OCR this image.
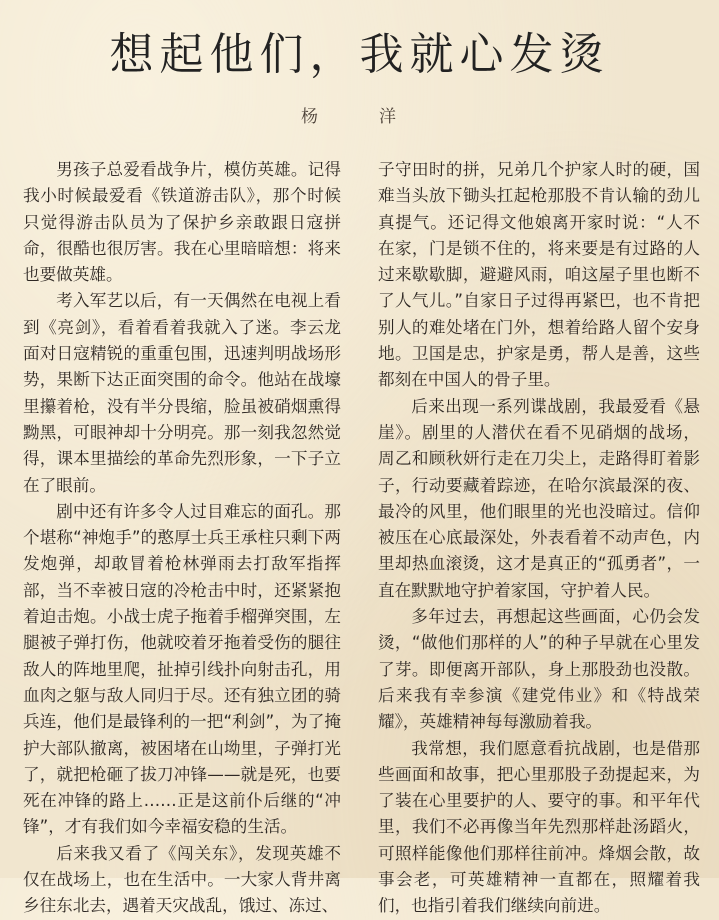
想起他们，我就心发烫
杨　洋

男孩子总爱看战争片，模仿英雄。记得我小时候最爱看《铁道游击队》，那个时候只觉得游击队员为了保护乡亲敢跟日寇拼命，很酷也很厉害。我在心里暗暗想：将来也要做英雄。

考入军艺以后，有一天偶然在电视上看到《亮剑》，看着看着我就入了迷。李云龙面对日寇精锐的重重包围，迅速判明战场形势，果断下达正面突围的命令。他站在战壕里攥着枪，没有半分畏缩，脸虽被硝烟熏得黝黑，可眼神却十分明亮。那一刻我忽然觉得，课本里描绘的革命先烈形象，一下子立在了眼前。

剧中还有许多令人过目难忘的面孔。那个堪称“神炮手”的憨厚士兵王承柱只剩下两发炮弹，却敢冒着枪林弹雨去打敌军指挥部，当不幸被日寇的冷枪击中时，还紧紧抱着迫击炮。小战士虎子拖着手榴弹突围，左腿被子弹打伤，他就咬着牙拖着受伤的腿往敌人的阵地里爬，扯掉引线扑向射击孔，用血肉之躯与敌人同归于尽。还有独立团的骑兵连，他们是最锋利的一把“利剑”，为了掩护大部队撤离，被困堵在山坳里，子弹打光了，就把枪砸了拔刀冲锋——就是死，也要死在冲锋的路上……正是这前仆后继的“冲锋”，才有我们如今幸福安稳的生活。

后来我又看了《闯关东》，发现英雄不仅在战场上，也在生活中。一大家人背井离乡往东北去，遇着天灾战乱，饿过、冻过、

子守田时的拼，兄弟几个护家人时的硬，国难当头放下锄头扛起枪那股不肯认输的劲儿真提气。还记得文他娘离开家时说：“人不在家，门是锁不住的，将来要是有过路的人过来歇歇脚，避避风雨，咱这屋子里也断不了人气儿。”自家日子过得再紧巴，也不肯把别人的难处堵在门外，想着给路人留个安身地。卫国是忠，护家是勇，帮人是善，这些都刻在中国人的骨子里。

后来出现一系列谍战剧，我最爱看《悬崖》。剧里的人潜伏在看不见硝烟的战场，周乙和顾秋妍行走在刀尖上，走路得盯着影子，行动要藏着踪迹，在哈尔滨最深的夜、最冷的风里，他们眼里的光也没暗过。信仰被压在心底最深处，外表看着不动声色，内里却热血滚烫，这才是真正的“孤勇者”，一直在默默地守护着家国，守护着人民。

多年过去，再想起这些画面，心仍会发烫，“做他们那样的人”的种子早就在心里发了芽。即便离开部队，身上那股劲也没散。后来我有幸参演《建党伟业》和《特战荣耀》，英雄精神每每激励着我。

我常想，我们愿意看抗战剧，也是借那些画面和故事，把心里那股子劲提起来，为了装在心里要护的人、要守的事。和平年代里，我们不必再像当年先烈那样赴汤蹈火，可照样能像他们那样往前冲。烽烟会散，故事会老，可英雄精神一直都在，照耀着我们，也指引着我们继续向前进。
